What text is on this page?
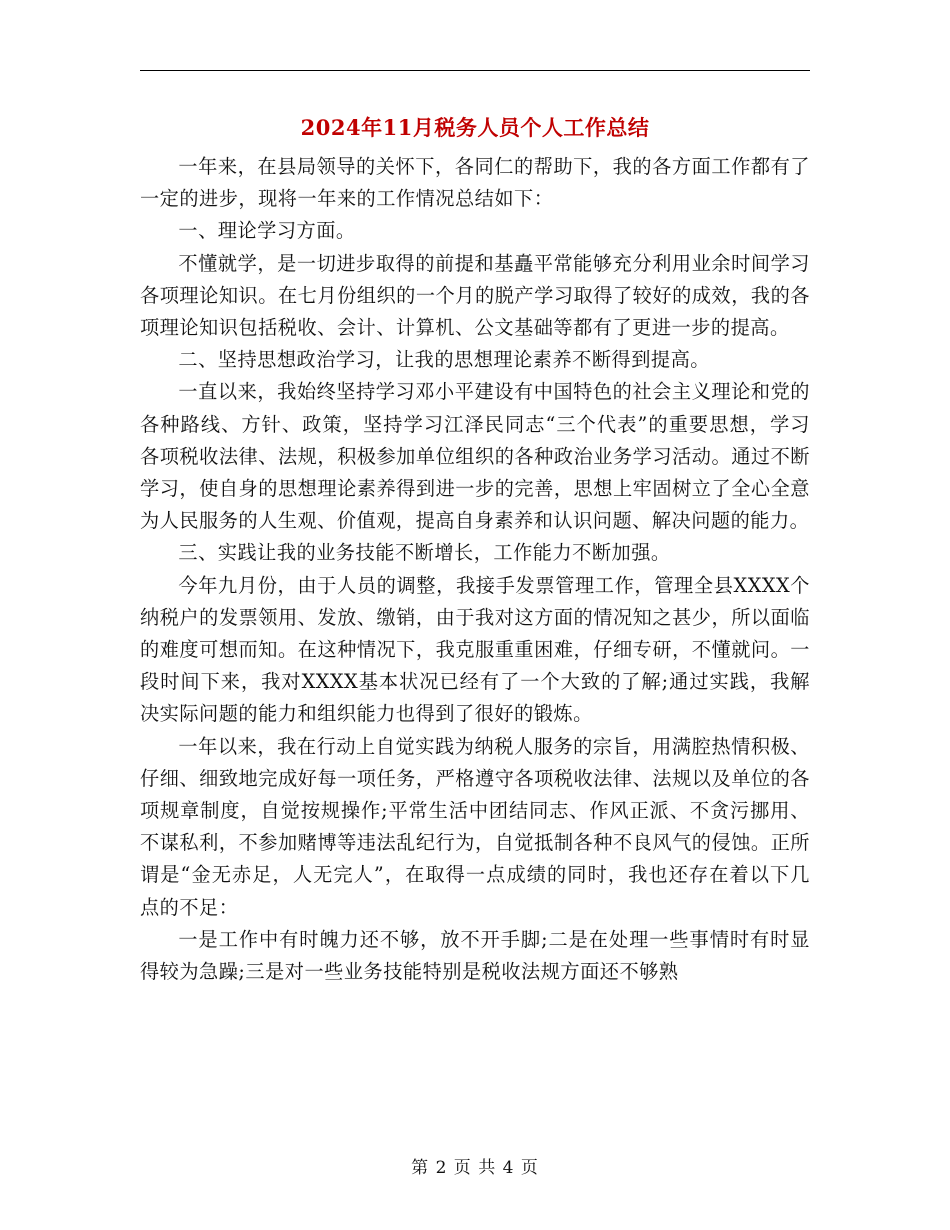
2024年11月税务人员个人工作总结

一年来，在县局领导的关怀下，各同仁的帮助下，我的各方面工作都有了一定的进步，现将一年来的工作情况总结如下：

一、理论学习方面。

不懂就学，是一切进步取得的前提和基矗平常能够充分利用业余时间学习各项理论知识。在七月份组织的一个月的脱产学习取得了较好的成效，我的各项理论知识包括税收、会计、计算机、公文基础等都有了更进一步的提高。

二、坚持思想政治学习，让我的思想理论素养不断得到提高。

一直以来，我始终坚持学习邓小平建设有中国特色的社会主义理论和党的各种路线、方针、政策，坚持学习江泽民同志“三个代表”的重要思想，学习各项税收法律、法规，积极参加单位组织的各种政治业务学习活动。通过不断学习，使自身的思想理论素养得到进一步的完善，思想上牢固树立了全心全意为人民服务的人生观、价值观，提高自身素养和认识问题、解决问题的能力。

三、实践让我的业务技能不断增长，工作能力不断加强。

今年九月份，由于人员的调整，我接手发票管理工作，管理全县XXXX个纳税户的发票领用、发放、缴销，由于我对这方面的情况知之甚少，所以面临的难度可想而知。在这种情况下，我克服重重困难，仔细专研，不懂就问。一段时间下来，我对XXXX基本状况已经有了一个大致的了解;通过实践，我解决实际问题的能力和组织能力也得到了很好的锻炼。

一年以来，我在行动上自觉实践为纳税人服务的宗旨，用满腔热情积极、仔细、细致地完成好每一项任务，严格遵守各项税收法律、法规以及单位的各项规章制度，自觉按规操作;平常生活中团结同志、作风正派、不贪污挪用、不谋私利，不参加赌博等违法乱纪行为，自觉抵制各种不良风气的侵蚀。正所谓是“金无赤足，人无完人”，在取得一点成绩的同时，我也还存在着以下几点的不足：

一是工作中有时魄力还不够，放不开手脚;二是在处理一些事情时有时显得较为急躁;三是对一些业务技能特别是税收法规方面还不够熟

第 2 页 共 4 页
